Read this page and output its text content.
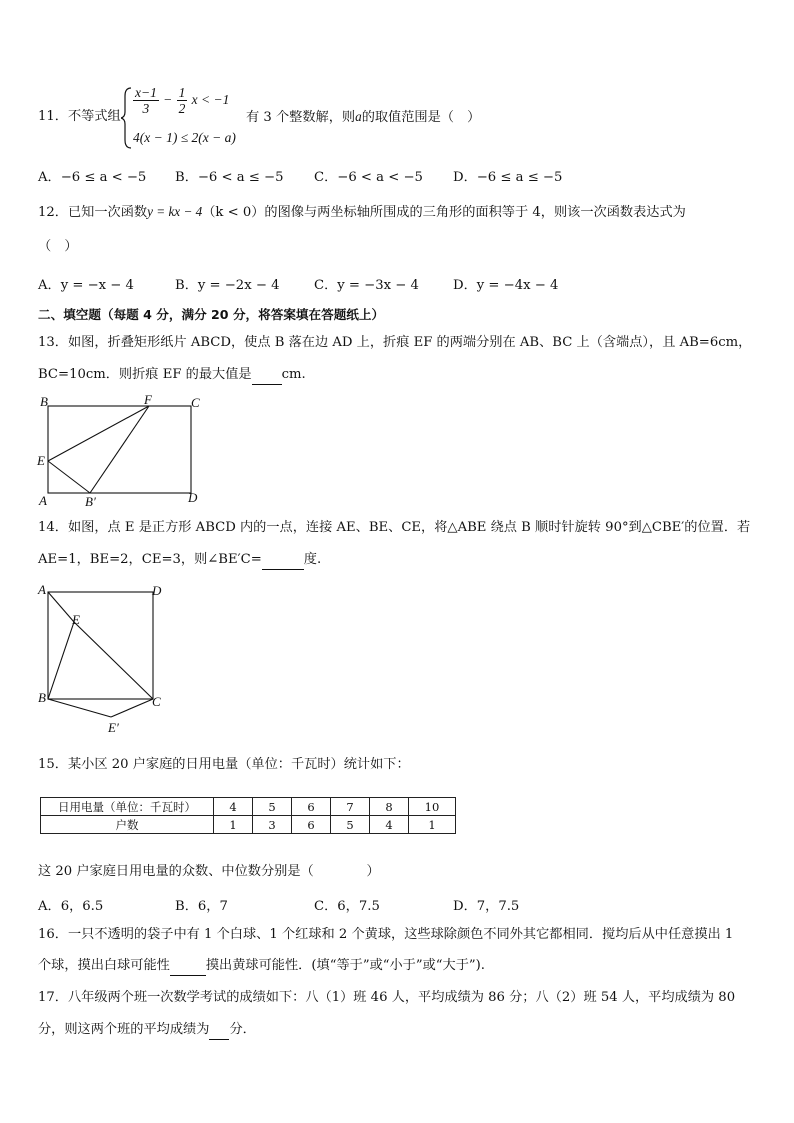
11．不等式组
$\frac{x-1}{3} - \frac{1}{2}$ x < −1
4(x − 1) ≤ 2(x − a)
有 3 个整数解，则a的取值范围是（　）
A．−6 ≤ a < −5 B．−6 < a ≤ −5 C．−6 < a < −5 D．−6 ≤ a ≤ −5
12．已知一次函数y = kx − 4（k < 0）的图像与两坐标轴所围成的三角形的面积等于 4，则该一次函数表达式为
（　）
A．y = −x − 4	B．y = −2x − 4	C．y = −3x − 4	D．y = −4x − 4
二、填空题（每题 4 分，满分 20 分，将答案填在答题纸上）
13．如图，折叠矩形纸片 ABCD，使点 B 落在边 AD 上，折痕 EF 的两端分别在 AB、BC 上（含端点），且 AB=6cm，
BC=10cm．则折痕 EF 的最大值是 cm.
B	F	C
E
A	B′	D
14．如图，点 E 是正方形 ABCD 内的一点，连接 AE、BE、CE，将△ABE 绕点 B 顺时针旋转 90°到△CBE′的位置．若
AE=1，BE=2，CE=3，则∠BE′C=	度.
A	D
E
B	C
E′
15．某小区 20 户家庭的日用电量（单位：千瓦时）统计如下：
日用电量（单位：千瓦时）	4	5	6	7	8	10
户数	1	3	6	5	4	1
这 20 户家庭日用电量的众数、中位数分别是（　　　　）
A．6，6.5	B．6，7	C．6，7.5	D．7，7.5
16．一只不透明的袋子中有 1 个白球、1 个红球和 2 个黄球，这些球除颜色不同外其它都相同．搅均后从中任意摸出 1
个球，摸出白球可能性	摸出黄球可能性．(填“等于”或“小于”或“大于”).
17．八年级两个班一次数学考试的成绩如下：八（1）班 46 人，平均成绩为 86 分；八（2）班 54 人，平均成绩为 80
分，则这两个班的平均成绩为 分．
